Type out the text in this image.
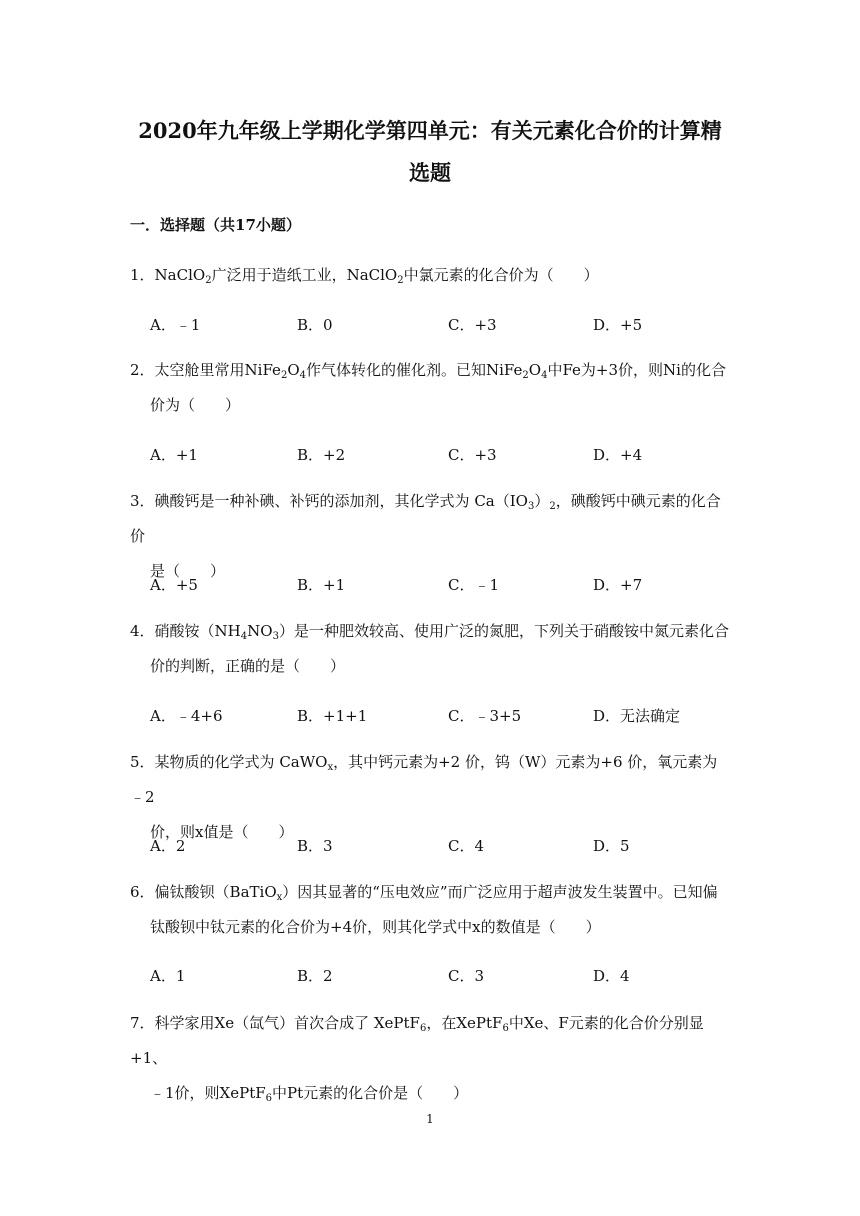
2020年九年级上学期化学第四单元：有关元素化合价的计算精
选题
一．选择题（共17小题）
1．NaClO$_2$广泛用于造纸工业，NaClO$_2$中氯元素的化合价为（　　）
A．﹣1	B．0	C．+3	D．+5
2．太空舱里常用$NiFe_2O_4$作气体转化的催化剂。已知$NiFe_2O_4$中Fe为+3价，则Ni的化合
价为（　　）
A．+1	B．+2	C．+3	D．+4
3．碘酸钙是一种补碘、补钙的添加剂，其化学式为 $Ca(IO_3)_2$，碘酸钙中碘元素的化合价
是（　　）
A．+5	B．+1	C．﹣1	D．+7
4．硝酸铵$(NH_4NO_3)$是一种肥效较高、使用广泛的氮肥，下列关于硝酸铵中氮元素化合
价的判断，正确的是（　　）
A．﹣4+6	B．+1+1	C．﹣3+5	D．无法确定
5．某物质的化学式为 CaWO$_x$，其中钙元素为+2 价，钨（W）元素为+6 价，氧元素为﹣2
价，则x值是（　　）
A．2	B．3	C．4	D．5
6．偏钛酸钡（BaTiO$_x$）因其显著的“压电效应”而广泛应用于超声波发生装置中。已知偏
钛酸钡中钛元素的化合价为+4价，则其化学式中x的数值是（　　）
A．1	B．2	C．3	D．4
7．科学家用Xe（氙气）首次合成了 XePtF$_6$，在XePtF$_6$中Xe、F元素的化合价分别显+1、
﹣1价，则XePtF$_6$中Pt元素的化合价是（　　）
1
